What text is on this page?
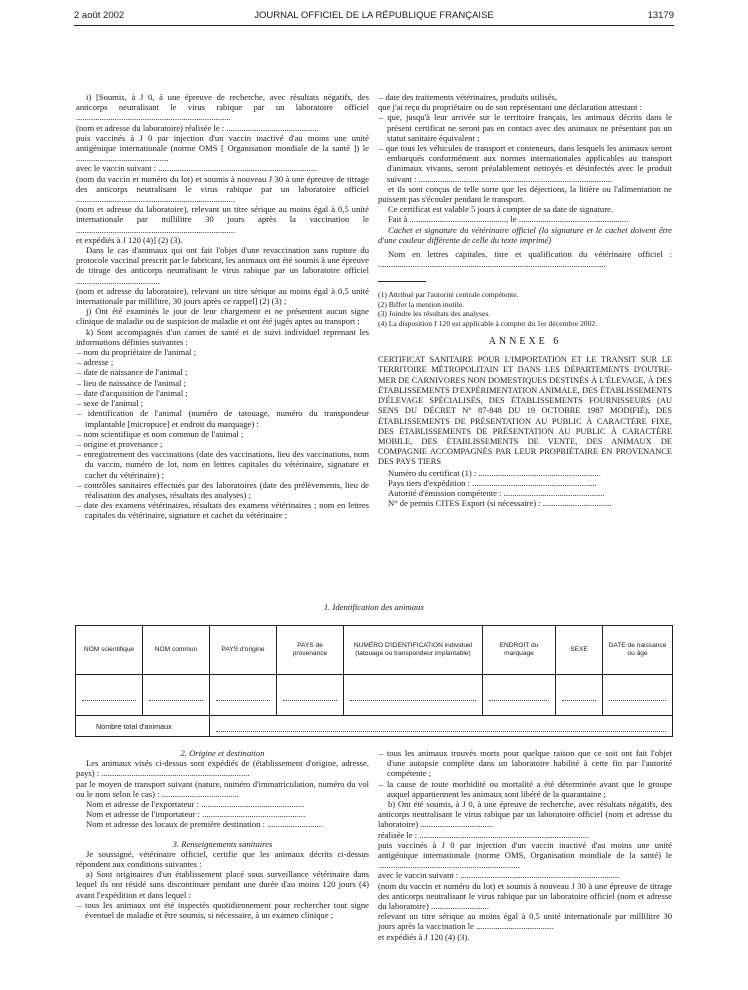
2 août 2002	JOURNAL OFFICIEL DE LA RÉPUBLIQUE FRANÇAISE	13179

i) [Soumis, à J 0, à une épreuve de recherche, avec résultats négatifs, des anticorps neutralisant le virus rabique par un laboratoire officiel ........................................................................

(nom et adresse du laboratoire) réalisée le : ...........................................

puis vaccinés à J 0 par injection d'un vaccin inactivé d'au moins une unité antigénique internationale (norme OMS [ Organisation mondiale de la santé ]) le ...........................................

avec le vaccin suivant : ..........................................................................

(nom du vaccin et numéro du lot) et soumis à nouveau J 30 à une épreuve de titrage des anticorps neutralisant le virus rabique par un laboratoire officiel ..........................................................................

(nom et adresse du laboratoire), relevant un titre sérique au moins égal à 0,5 unité internationale par millilitre 30 jours après la vaccination le ..........................................................................

et expédiés à J 120 (4)] (2) (3).

Dans le cas d'animaux qui ont fait l'objet d'une revaccination sans rupture du protocole vaccinal prescrit par le fabricant, les animaux ont été soumis à une épreuve de titrage des anticorps neutralisant le virus rabique par un laboratoire officiel .......................................

(nom et adresse du laboratoire), relevant un titre sérique au moins égal à 0,5 unité internationale par millilitre, 30 jours après ce rappel] (2) (3) ;

j) Ont été examinés le jour de leur chargement et ne présentent aucun signe clinique de maladie ou de suspicion de maladie et ont été jugés aptes au transport ;

k) Sont accompagnés d'un carnet de santé et de suivi individuel reprenant les informations définies suivantes :

– nom du propriétaire de l'animal ;
– adresse ;
– date de naissance de l'animal ;
– lieu de naissance de l'animal ;
– date d'acquisition de l'animal ;
– sexe de l'animal ;
– identification de l'animal (numéro de tatouage, numéro du transpondeur implantable [micropuce] et endroit du marquage) :
– nom scientifique et nom commun de l'animal ;
– origine et provenance ;
– enregistrement des vaccinations (date des vaccinations, lieu des vaccinations, nom du vaccin, numéro de lot, nom en lettres capitales du vétérinaire, signature et cachet du vétérinaire) ;
– contrôles sanitaires effectués par des laboratoires (date des prélèvements, lieu de réalisation des analyses, résultats des analyses) ;
– date des examens vétérinaires, résultats des examens vétérinaires ; nom en lettres capitales du vétérinaire, signature et cachet du vétérinaire ;
– date des traitements vétérinaires, produits utilisés,

que j'ai reçu du propriétaire ou de son représentant une déclaration attestant :

– que, jusqu'à leur arrivée sur le territoire français, les animaux décrits dans le présent certificat ne seront pas en contact avec des animaux ne présentant pas un statut sanitaire équivalent ;
– que tous les véhicules de transport et conteneurs, dans lesquels les animaux seront embarqués conformément aux normes internationales applicables au transport d'animaux vivants, seront préalablement nettoyés et désinfectés avec le produit suivant : ..........................................................................................

et ils sont conçus de telle sorte que les déjections, la litière ou l'alimentation ne puissent pas s'écouler pendant le transport.

Ce certificat est valable 5 jours à compter de sa date de signature.

Fait à ............................................., le ...................................................

Cachet et signature du vétérinaire officiel (la signature et le cachet doivent être d'une couleur différente de celle du texte imprimé)

Nom en lettres capitales, titre et qualification du vétérinaire officiel : ..........................................................................................................

(1) Attribué par l'autorité centrale compétente.

(2) Biffer la mention inutile.

(3) Joindre les résultats des analyses.

(4) La disposition J 120 est applicable à compter du 1er décembre 2002.

ANNEXE 6

CERTIFICAT SANITAIRE POUR L'IMPORTATION ET LE TRANSIT SUR LE TERRITOIRE MÉTROPOLITAIN ET DANS LES DÉPARTEMENTS D'OUTRE-MER DE CARNIVORES NON DOMESTIQUES DESTINÉS À L'ÉLEVAGE, À DES ÉTABLISSEMENTS D'EXPÉRIMENTATION ANIMALE, DES ÉTABLISSEMENTS D'ÉLEVAGE SPÉCIALISÉS, DES ÉTABLISSEMENTS FOURNISSEURS (AU SENS DU DÉCRET N° 87-848 DU 19 OCTOBRE 1987 MODIFIÉ), DES ÉTABLISSEMENTS DE PRÉSENTATION AU PUBLIC À CARACTÈRE FIXE, DES ÉTABLISSEMENTS DE PRÉSENTATION AU PUBLIC À CARACTÈRE MOBILE, DES ÉTABLISSEMENTS DE VENTE, DES ANIMAUX DE COMPAGNIE ACCOMPAGNÉS PAR LEUR PROPRIÉTAIRE EN PROVENANCE DES PAYS TIERS

Numéro du certificat (1) : .........................................................

Pays tiers d'expédition : ..........................................................

Autorité d'émission compétente : ...............................................

N° de permis CITES Export (si nécessaire) : ................................

1. Identification des animaux
NOM scientifique	NOM commun	PAYS d'origine	PAYS de provenance	NUMÉRO D'IDENTIFICATION individuel (tatouage ou transpondeur implantable)	ENDROIT du marquage	SEXE	DATE de naissance ou âge

Nombre total d'animaux							

2. Origine et destination

Les animaux visés ci-dessus sont expédiés de (établissement d'origine, adresse, pays) : .....................................................................

par le moyen de transport suivant (nature, numéro d'immatriculation, numéro du vol ou le nom selon le cas) : ....................................

Nom et adresse de l'exportateur : ................................................

Nom et adresse de l'importateur : ................................................

Nom et adresse des locaux de première destination : ..........................

3. Renseignements sanitaires

Je soussigné, vétérinaire officiel, certifie que les animaux décrits ci-dessus répondent aux conditions suivantes :

a) Sont originaires d'un établissement placé sous surveillance vétérinaire dans lequel ils ont résidé sans discontinuer pendant une durée d'au moins 120 jours (4) avant l'expédition et dans lequel :

– tous les animaux ont été inspectés quotidiennement pour rechercher tout signe éventuel de maladie et être soumis, si nécessaire, à un examen clinique ;
– tous les animaux trouvés morts pour quelque raison que ce soit ont fait l'objet d'une autopsie complète dans un laboratoire habilité à cette fin par l'autorité compétente ;
– la cause de toute morbidité ou mortalité a été déterminée avant que le groupe auquel appartiennent les animaux sont libéré de la quarantaine ;

b) Ont été soumis, à J 0, à une épreuve de recherche, avec résultats négatifs, des anticorps neutralisant le virus rabique par un laboratoire officiel (nom et adresse du laboratoire) ..................................

réalisée le : ...............................................................................

puis vaccinés à J 0 par injection d'un vaccin inactivé d'au moins une unité antigénique internationale (norme OMS, Organisation mondiale de la santé) le ..................................................................

avec le vaccin suivant : ..........................................................................

(nom du vaccin et numéro du lot) et soumis à nouveau J 30 à une épreuve de titrage des anticorps neutralisant le virus rabique par un laboratoire officiel (nom et adresse du laboratoire) ...........................

relevant un titre sérique au moins égal à 0,5 unité internationale par millilitre 30 jours après la vaccination le ....................................

et expédiés à J 120 (4) (3).
